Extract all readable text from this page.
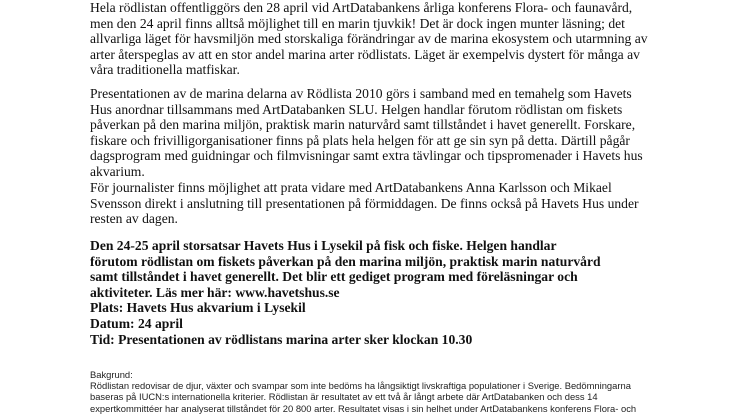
Hela rödlistan offentliggörs den 28 april vid ArtDatabankens årliga konferens Flora- och faunavård,
men den 24 april finns alltså möjlighet till en marin tjuvkik! Det är dock ingen munter läsning; det
allvarliga läget för havsmiljön med storskaliga förändringar av de marina ekosystem och utarmning av
arter återspeglas av att en stor andel marina arter rödlistats. Läget är exempelvis dystert för många av
våra traditionella matfiskar.
Presentationen av de marina delarna av Rödlista 2010 görs i samband med en temahelg som Havets
Hus anordnar tillsammans med ArtDatabanken SLU. Helgen handlar förutom rödlistan om fiskets
påverkan på den marina miljön, praktisk marin naturvård samt tillståndet i havet generellt. Forskare,
fiskare och frivilligorganisationer finns på plats hela helgen för att ge sin syn på detta. Därtill pågår
dagsprogram med guidningar och filmvisningar samt extra tävlingar och tipspromenader i Havets hus
akvarium.
För journalister finns möjlighet att prata vidare med ArtDatabankens Anna Karlsson och Mikael
Svensson direkt i anslutning till presentationen på förmiddagen. De finns också på Havets Hus under
resten av dagen.
Den 24-25 april storsatsar Havets Hus i Lysekil på fisk och fiske. Helgen handlar
förutom rödlistan om fiskets påverkan på den marina miljön, praktisk marin naturvård
samt tillståndet i havet generellt. Det blir ett gediget program med föreläsningar och
aktiviteter. Läs mer här: www.havetshus.se
Plats: Havets Hus akvarium i Lysekil
Datum: 24 april
Tid: Presentationen av rödlistans marina arter sker klockan 10.30
Bakgrund:
Rödlistan redovisar de djur, växter och svampar som inte bedöms ha långsiktigt livskraftiga populationer i Sverige. Bedömningarna
baseras på IUCN:s internationella kriterier. Rödlistan är resultatet av ett två år långt arbete där ArtDatabanken och dess 14
expertkommittéer har analyserat tillståndet för 20 800 arter. Resultatet visas i sin helhet under ArtDatabankens konferens Flora- och
